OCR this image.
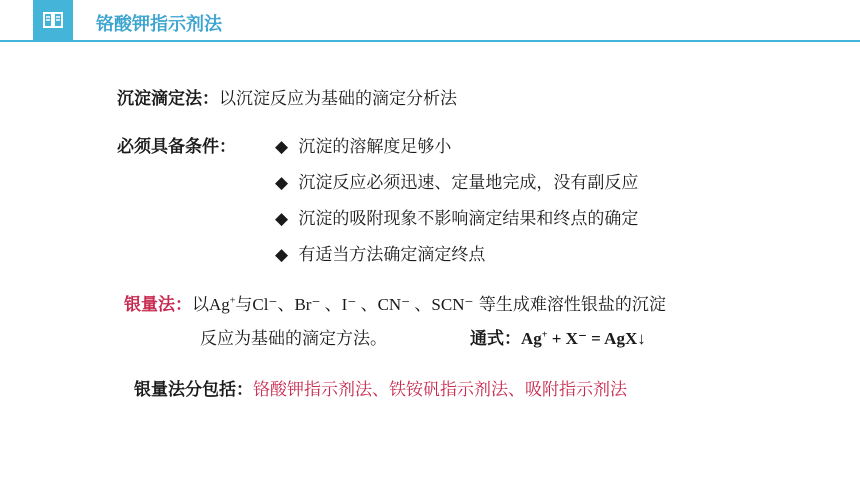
铬酸钾指示剂法
沉淀滴定法：以沉淀反应为基础的滴定分析法
必须具备条件： ◆ 沉淀的溶解度足够小
◆ 沉淀反应必须迅速、定量地完成，没有副反应
◆ 沉淀的吸附现象不影响滴定结果和终点的确定
◆ 有适当方法确定滴定终点
银量法：以Ag+与Cl⁻、Br⁻ 、I⁻ 、CN⁻ 、SCN⁻ 等生成难溶性银盐的沉淀
反应为基础的滴定方法。	通式：Ag+ + X⁻ = AgX↓
银量法分包括：铬酸钾指示剂法、铁铵矾指示剂法、吸附指示剂法
